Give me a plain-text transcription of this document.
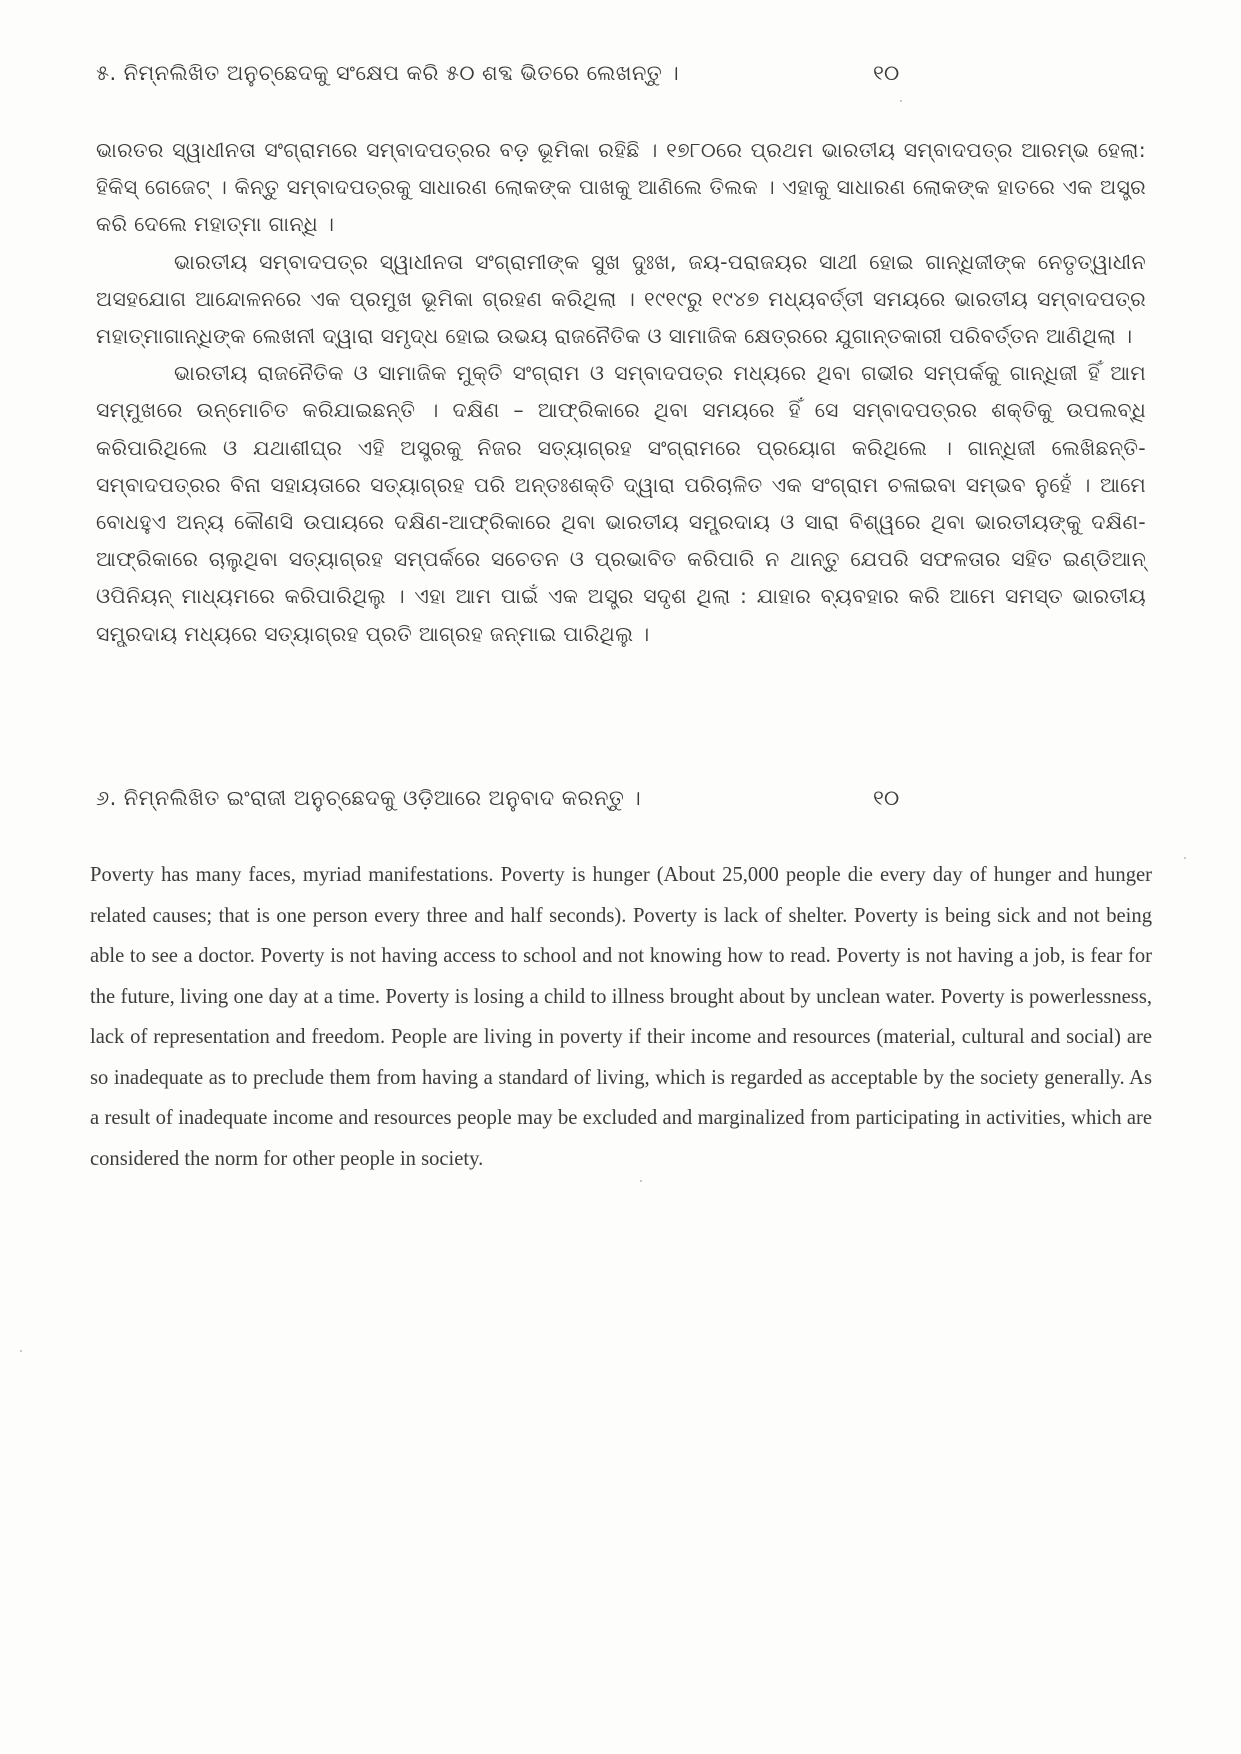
୫. ନିମ୍ନଲିଖିତ ଅନୁଚ୍ଛେଦକୁ ସଂକ୍ଷେପ କରି ୫୦ ଶବ୍ଦ ଭିତରେ ଲେଖନ୍ତୁ ।	୧୦

ଭାରତର ସ୍ୱାଧୀନତା ସଂଗ୍ରାମରେ ସମ୍ବାଦପତ୍ରର ବଡ଼ ଭୂମିକା ରହିଛି । ୧୭୮୦ରେ ପ୍ରଥମ ଭାରତୀୟ ସମ୍ବାଦପତ୍ର ଆରମ୍ଭ ହେଲା: ହିକିସ୍ ଗେଜେଟ୍ । କିନ୍ତୁ ସମ୍ବାଦପତ୍ରକୁ ସାଧାରଣ ଲୋକଙ୍କ ପାଖକୁ ଆଣିଲେ ତିଲକ । ଏହାକୁ ସାଧାରଣ ଲୋକଙ୍କ ହାତରେ ଏକ ଅସ୍ତ୍ର କରି ଦେଲେ ମହାତ୍ମା ଗାନ୍ଧି ।

ଭାରତୀୟ ସମ୍ବାଦପତ୍ର ସ୍ୱାଧୀନତା ସଂଗ୍ରାମୀଙ୍କ ସୁଖ ଦୁଃଖ, ଜୟ-ପରାଜୟର ସାଥୀ ହୋଇ ଗାନ୍ଧିଜୀଙ୍କ ନେତୃତ୍ୱାଧୀନ ଅସହଯୋଗ ଆନ୍ଦୋଳନରେ ଏକ ପ୍ରମୁଖ ଭୂମିକା ଗ୍ରହଣ କରିଥିଲା । ୧୯୧୯ରୁ ୧୯୪୭ ମଧ୍ୟବର୍ତ୍ତୀ ସମୟରେ ଭାରତୀୟ ସମ୍ବାଦପତ୍ର ମହାତ୍ମାଗାନ୍ଧିଙ୍କ ଲେଖନୀ ଦ୍ୱାରା ସମୃଦ୍ଧ ହୋଇ ଉଭୟ ରାଜନୈତିକ ଓ ସାମାଜିକ କ୍ଷେତ୍ରରେ ଯୁଗାନ୍ତକାରୀ ପରିବର୍ତ୍ତନ ଆଣିଥିଲା ।

ଭାରତୀୟ ରାଜନୈତିକ ଓ ସାମାଜିକ ମୁକ୍ତି ସଂଗ୍ରାମ ଓ ସମ୍ବାଦପତ୍ର ମଧ୍ୟରେ ଥିବା ଗଭୀର ସମ୍ପର୍କକୁ ଗାନ୍ଧିଜୀ ହିଁ ଆମ ସମ୍ମୁଖରେ ଉନ୍ମୋଚିତ କରିଯାଇଛନ୍ତି । ଦକ୍ଷିଣ – ଆଫ୍ରିକାରେ ଥିବା ସମୟରେ ହିଁ ସେ ସମ୍ବାଦପତ୍ରର ଶକ୍ତିକୁ ଉପଲବ୍ଧି କରିପାରିଥିଲେ ଓ ଯଥାଶୀଘ୍ର ଏହି ଅସ୍ତ୍ରକୁ ନିଜର ସତ୍ୟାଗ୍ରହ ସଂଗ୍ରାମରେ ପ୍ରୟୋଗ କରିଥିଲେ । ଗାନ୍ଧିଜୀ ଲେଖିଛନ୍ତି- ସମ୍ବାଦପତ୍ରର ବିନା ସହାୟତାରେ ସତ୍ୟାଗ୍ରହ ପରି ଅନ୍ତଃଶକ୍ତି ଦ୍ୱାରା ପରିଚାଳିତ ଏକ ସଂଗ୍ରାମ ଚଳାଇବା ସମ୍ଭବ ନୁହେଁ । ଆମେ ବୋଧହୁଏ ଅନ୍ୟ କୌଣସି ଉପାୟରେ ଦକ୍ଷିଣ-ଆଫ୍ରିକାରେ ଥିବା ଭାରତୀୟ ସମ୍ପ୍ରଦାୟ ଓ ସାରା ବିଶ୍ୱରେ ଥିବା ଭାରତୀୟଙ୍କୁ ଦକ୍ଷିଣ-ଆଫ୍ରିକାରେ ଚାଲୁଥିବା ସତ୍ୟାଗ୍ରହ ସମ୍ପର୍କରେ ସଚେତନ ଓ ପ୍ରଭାବିତ କରିପାରି ନ ଥାନ୍ତୁ ଯେପରି ସଫଳତାର ସହିତ ଇଣ୍ଡିଆନ୍ ଓପିନିୟନ୍ ମାଧ୍ୟମରେ କରିପାରିଥିଲୁ । ଏହା ଆମ ପାଇଁ ଏକ ଅସ୍ତ୍ର ସଦୃଶ ଥିଲା : ଯାହାର ବ୍ୟବହାର କରି ଆମେ ସମସ୍ତ ଭାରତୀୟ ସମ୍ପ୍ରଦାୟ ମଧ୍ୟରେ ସତ୍ୟାଗ୍ରହ ପ୍ରତି ଆଗ୍ରହ ଜନ୍ମାଇ ପାରିଥିଲୁ ।

୬. ନିମ୍ନଲିଖିତ ଇଂରାଜୀ ଅନୁଚ୍ଛେଦକୁ ଓଡ଼ିଆରେ ଅନୁବାଦ କରନ୍ତୁ ।	୧୦

Poverty has many faces, myriad manifestations. Poverty is hunger (About 25,000 people die every day of hunger and hunger related causes; that is one person every three and half seconds). Poverty is lack of shelter. Poverty is being sick and not being able to see a doctor. Poverty is not having access to school and not knowing how to read. Poverty is not having a job, is fear for the future, living one day at a time. Poverty is losing a child to illness brought about by unclean water. Poverty is powerlessness, lack of representation and freedom. People are living in poverty if their income and resources (material, cultural and social) are so inadequate as to preclude them from having a standard of living, which is regarded as acceptable by the society generally. As a result of inadequate income and resources people may be excluded and marginalized from participating in activities, which are considered the norm for other people in society.
